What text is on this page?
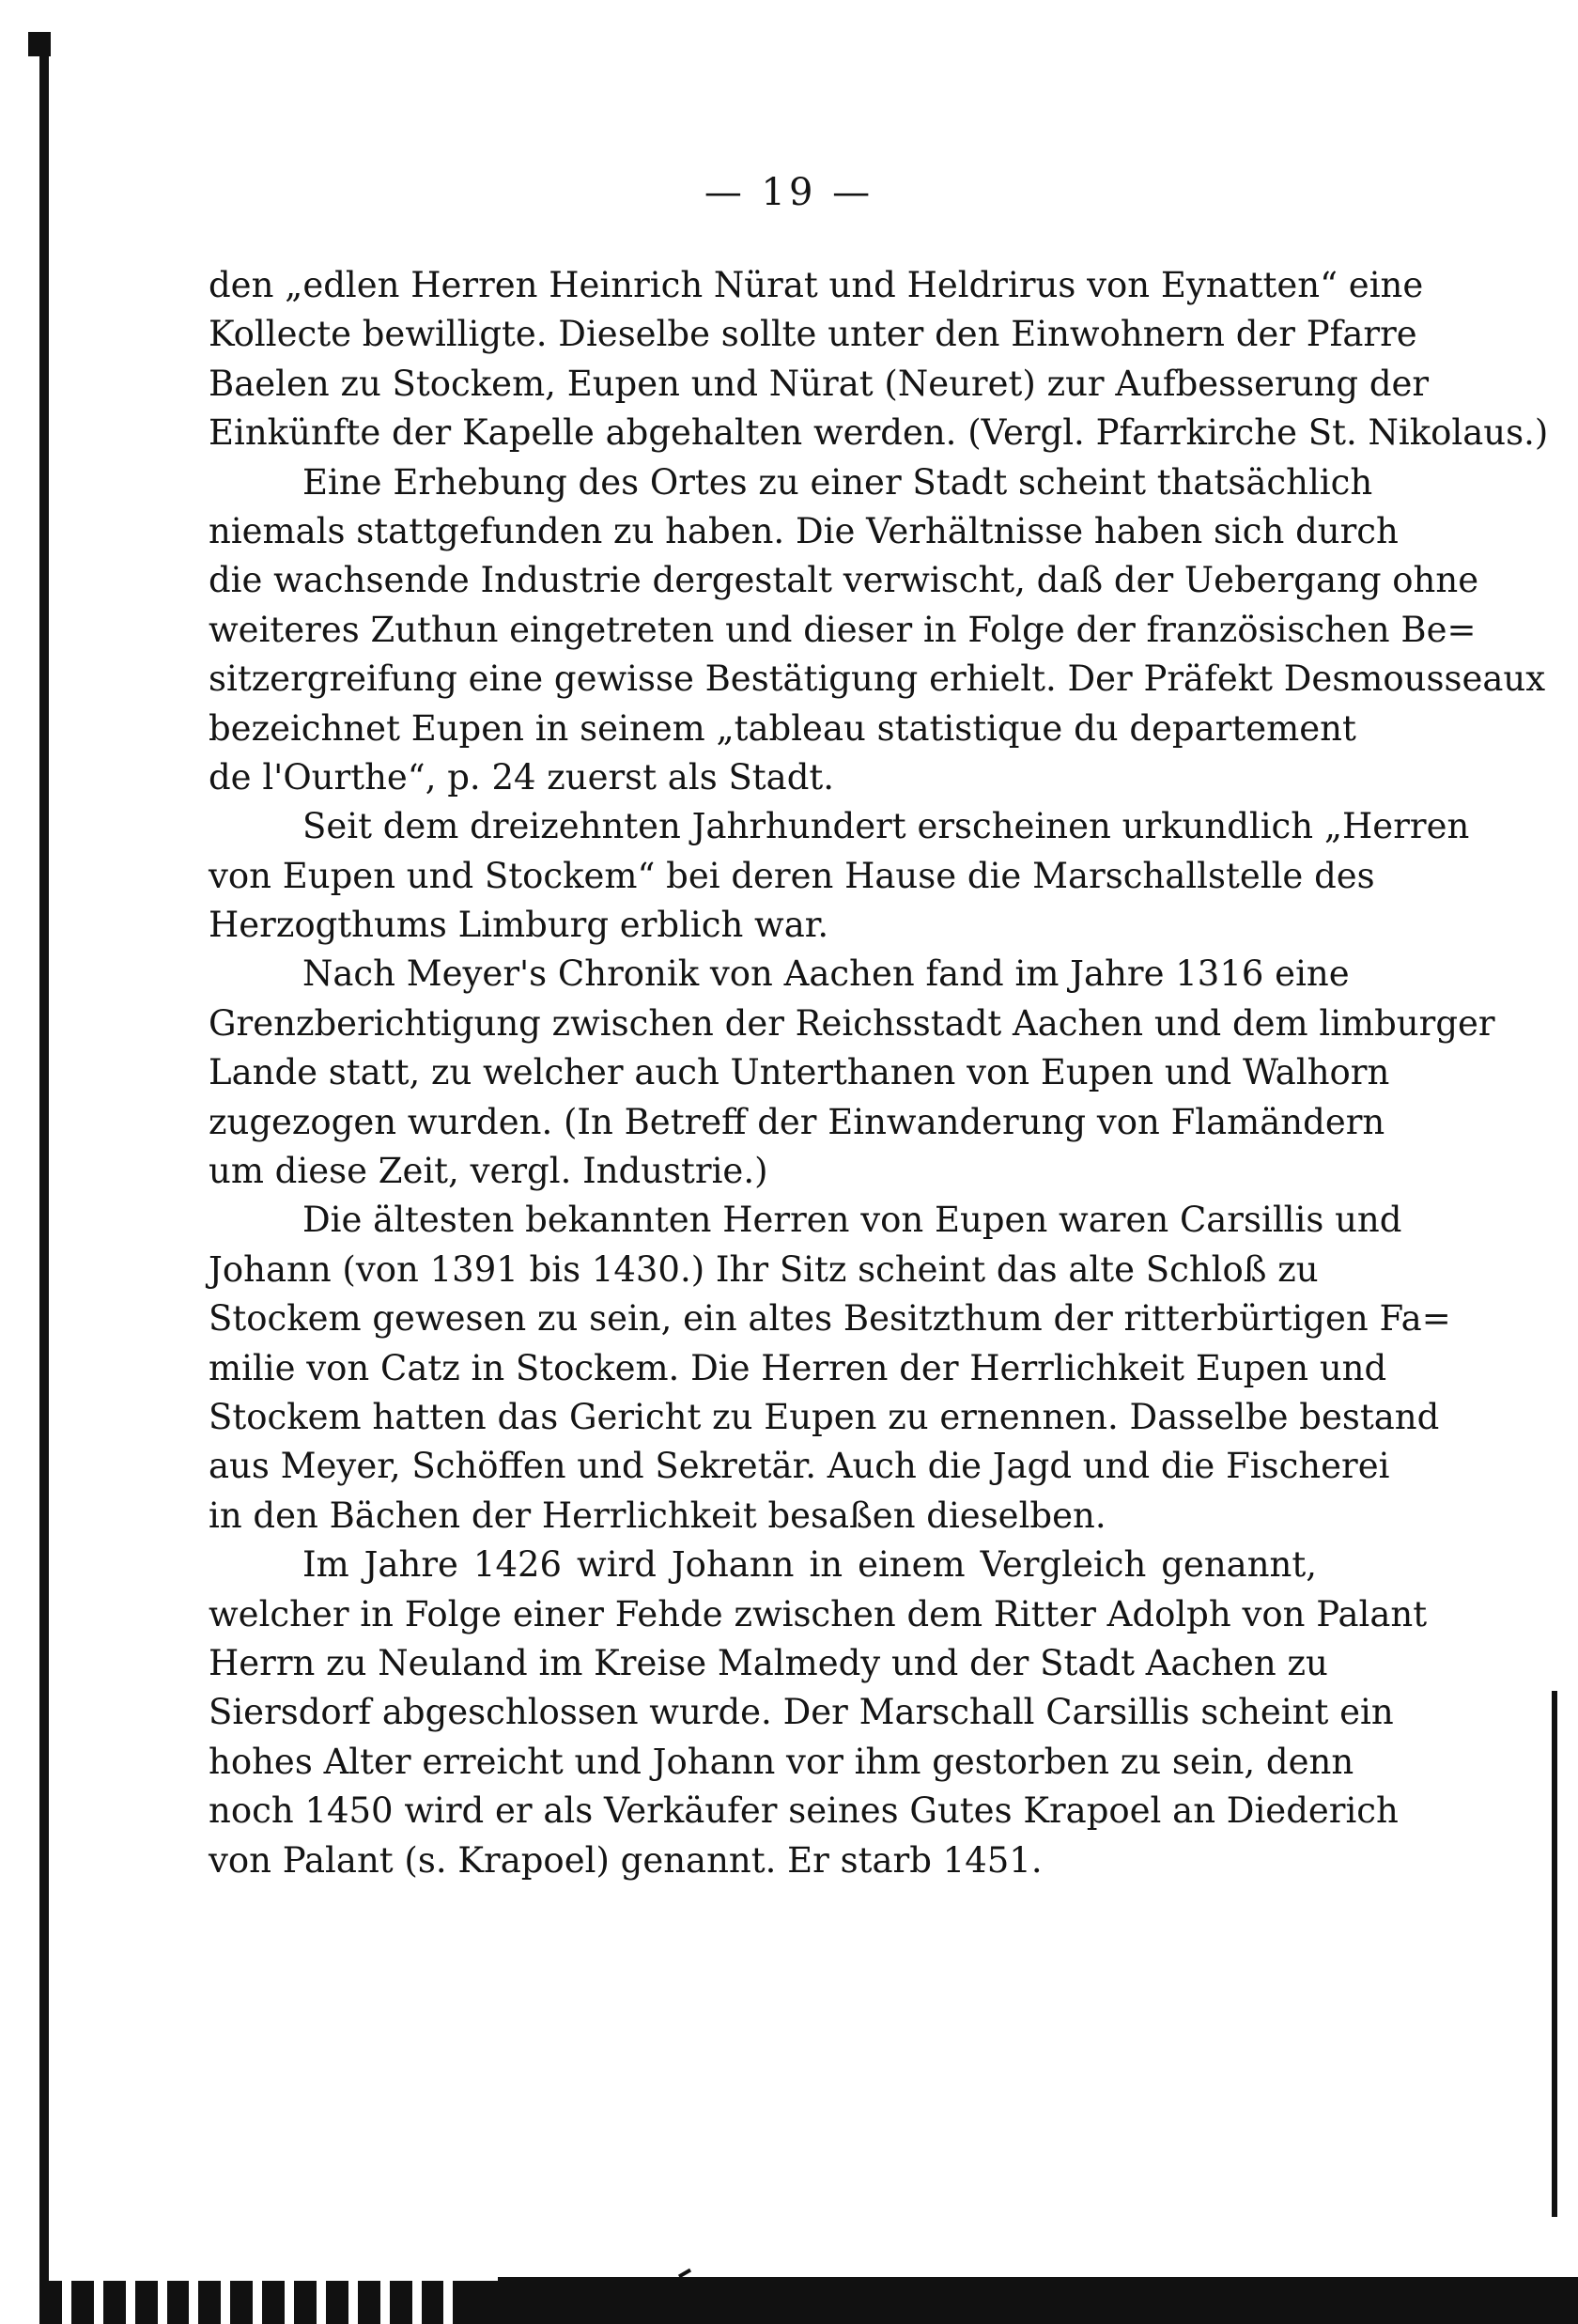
— 19 —
den „edlen Herren Heinrich Nürat und Heldrirus von Eynatten“ eine
Kollecte bewilligte. Dieselbe sollte unter den Einwohnern der Pfarre
Baelen zu Stockem, Eupen und Nürat (Neuret) zur Aufbesserung der
Einkünfte der Kapelle abgehalten werden. (Vergl. Pfarrkirche St. Nikolaus.)
Eine Erhebung des Ortes zu einer Stadt scheint thatsächlich
niemals stattgefunden zu haben. Die Verhältnisse haben sich durch
die wachsende Industrie dergestalt verwischt, daß der Uebergang ohne
weiteres Zuthun eingetreten und dieser in Folge der französischen Be=
sitzergreifung eine gewisse Bestätigung erhielt. Der Präfekt Desmousseaux
bezeichnet Eupen in seinem „tableau statistique du departement
de l'Ourthe“, p. 24 zuerst als Stadt.
Seit dem dreizehnten Jahrhundert erscheinen urkundlich „Herren
von Eupen und Stockem“ bei deren Hause die Marschallstelle des
Herzogthums Limburg erblich war.
Nach Meyer's Chronik von Aachen fand im Jahre 1316 eine
Grenzberichtigung zwischen der Reichsstadt Aachen und dem limburger
Lande statt, zu welcher auch Unterthanen von Eupen und Walhorn
zugezogen wurden. (In Betreff der Einwanderung von Flamändern
um diese Zeit, vergl. Industrie.)
Die ältesten bekannten Herren von Eupen waren Carsillis und
Johann (von 1391 bis 1430.) Ihr Sitz scheint das alte Schloß zu
Stockem gewesen zu sein, ein altes Besitzthum der ritterbürtigen Fa=
milie von Catz in Stockem. Die Herren der Herrlichkeit Eupen und
Stockem hatten das Gericht zu Eupen zu ernennen. Dasselbe bestand
aus Meyer, Schöffen und Sekretär. Auch die Jagd und die Fischerei
in den Bächen der Herrlichkeit besaßen dieselben.
Im Jahre 1426 wird Johann in einem Vergleich genannt,
welcher in Folge einer Fehde zwischen dem Ritter Adolph von Palant
Herrn zu Neuland im Kreise Malmedy und der Stadt Aachen zu
Siersdorf abgeschlossen wurde. Der Marschall Carsillis scheint ein
hohes Alter erreicht und Johann vor ihm gestorben zu sein, denn
noch 1450 wird er als Verkäufer seines Gutes Krapoel an Diederich
von Palant (s. Krapoel) genannt. Er starb 1451.
